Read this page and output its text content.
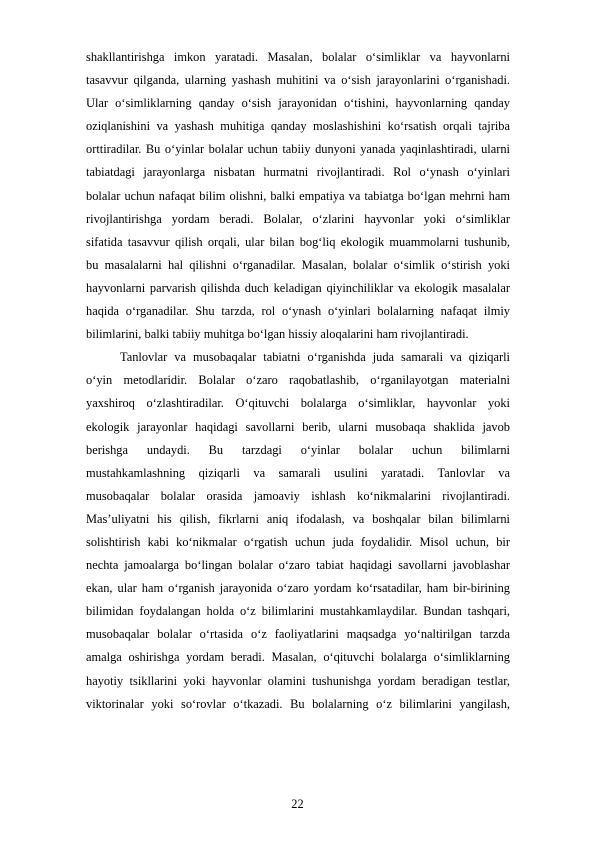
shakllantirishga imkon yaratadi. Masalan, bolalar o‘simliklar va hayvonlarni
tasavvur qilganda, ularning yashash muhitini va o‘sish jarayonlarini o‘rganishadi.
Ular o‘simliklarning qanday o‘sish jarayonidan o‘tishini, hayvonlarning qanday
oziqlanishini va yashash muhitiga qanday moslashishini ko‘rsatish orqali tajriba
orttiradilar. Bu o‘yinlar bolalar uchun tabiiy dunyoni yanada yaqinlashtiradi, ularni
tabiatdagi jarayonlarga nisbatan hurmatni rivojlantiradi. Rol o‘ynash o‘yinlari
bolalar uchun nafaqat bilim olishni, balki empatiya va tabiatga bo‘lgan mehrni ham
rivojlantirishga yordam beradi. Bolalar, o‘zlarini hayvonlar yoki o‘simliklar
sifatida tasavvur qilish orqali, ular bilan bog‘liq ekologik muammolarni tushunib,
bu masalalarni hal qilishni o‘rganadilar. Masalan, bolalar o‘simlik o‘stirish yoki
hayvonlarni parvarish qilishda duch keladigan qiyinchiliklar va ekologik masalalar
haqida o‘rganadilar. Shu tarzda, rol o‘ynash o‘yinlari bolalarning nafaqat ilmiy
bilimlarini, balki tabiiy muhitga bo‘lgan hissiy aloqalarini ham rivojlantiradi.
Tanlovlar va musobaqalar tabiatni o‘rganishda juda samarali va qiziqarli
o‘yin metodlaridir. Bolalar o‘zaro raqobatlashib, o‘rganilayotgan materialni
yaxshiroq o‘zlashtiradilar. O‘qituvchi bolalarga o‘simliklar, hayvonlar yoki
ekologik jarayonlar haqidagi savollarni berib, ularni musobaqa shaklida javob
berishga undaydi. Bu tarzdagi o‘yinlar bolalar uchun bilimlarni
mustahkamlashning qiziqarli va samarali usulini yaratadi. Tanlovlar va
musobaqalar bolalar orasida jamoaviy ishlash ko‘nikmalarini rivojlantiradi.
Mas’uliyatni his qilish, fikrlarni aniq ifodalash, va boshqalar bilan bilimlarni
solishtirish kabi ko‘nikmalar o‘rgatish uchun juda foydalidir. Misol uchun, bir
nechta jamoalarga bo‘lingan bolalar o‘zaro tabiat haqidagi savollarni javoblashar
ekan, ular ham o‘rganish jarayonida o‘zaro yordam ko‘rsatadilar, ham bir-birining
bilimidan foydalangan holda o‘z bilimlarini mustahkamlaydilar. Bundan tashqari,
musobaqalar bolalar o‘rtasida o‘z faoliyatlarini maqsadga yo‘naltirilgan tarzda
amalga oshirishga yordam beradi. Masalan, o‘qituvchi bolalarga o‘simliklarning
hayotiy tsikllarini yoki hayvonlar olamini tushunishga yordam beradigan testlar,
viktorinalar yoki so‘rovlar o‘tkazadi. Bu bolalarning o‘z bilimlarini yangilash,
22
